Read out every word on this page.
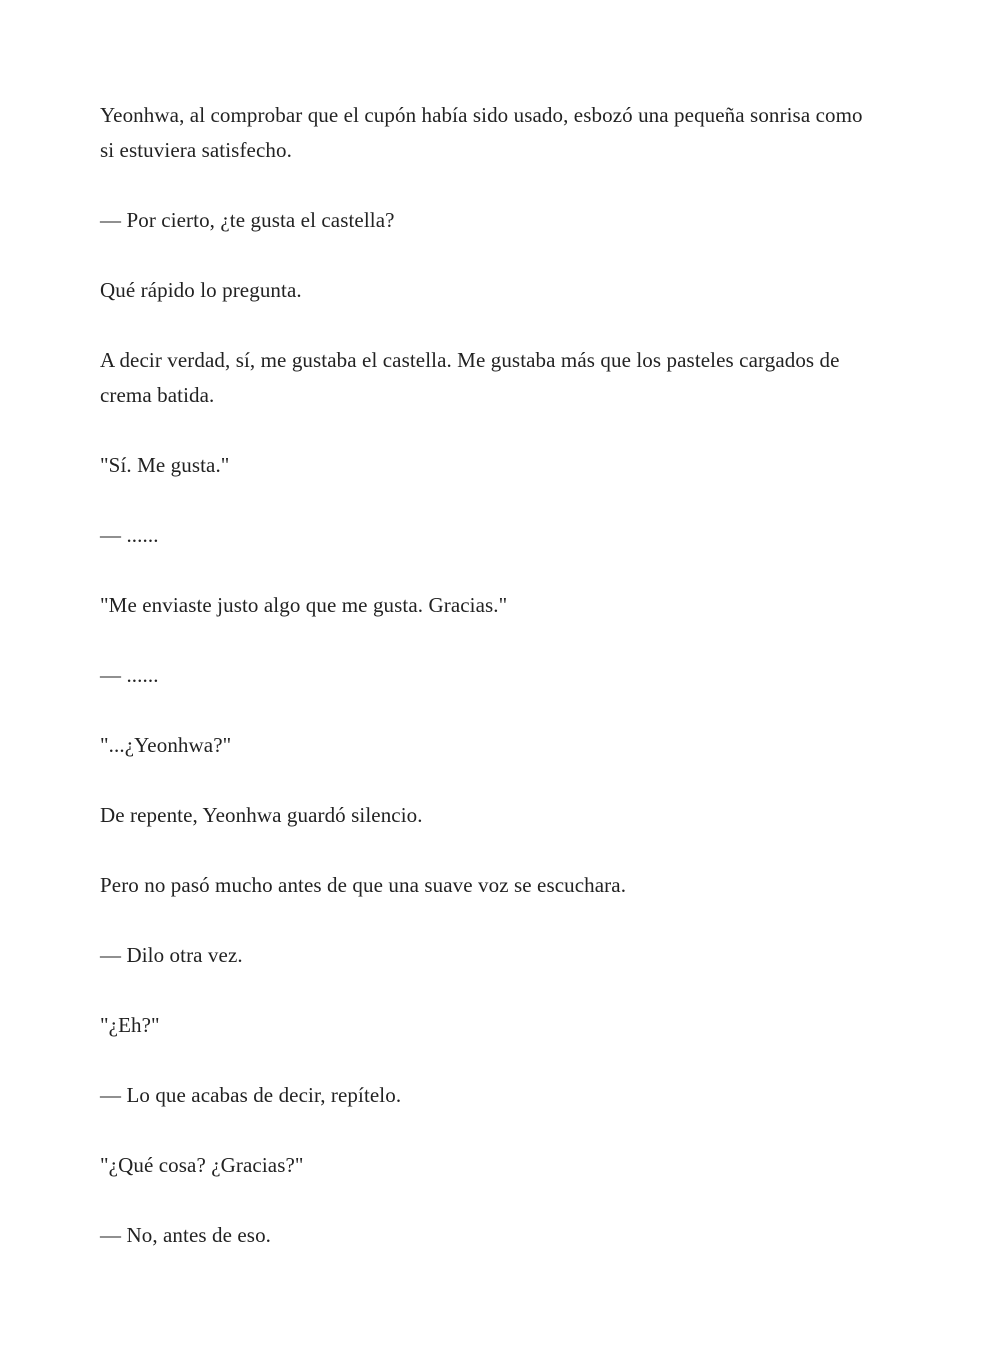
Yeonhwa, al comprobar que el cupón había sido usado, esbozó una pequeña sonrisa como si estuviera satisfecho.

— Por cierto, ¿te gusta el castella?

Qué rápido lo pregunta.

A decir verdad, sí, me gustaba el castella. Me gustaba más que los pasteles cargados de crema batida.

"Sí. Me gusta."

— ......

"Me enviaste justo algo que me gusta. Gracias."

— ......

"...¿Yeonhwa?"

De repente, Yeonhwa guardó silencio.

Pero no pasó mucho antes de que una suave voz se escuchara.

— Dilo otra vez.

"¿Eh?"

— Lo que acabas de decir, repítelo.

"¿Qué cosa? ¿Gracias?"

— No, antes de eso.
